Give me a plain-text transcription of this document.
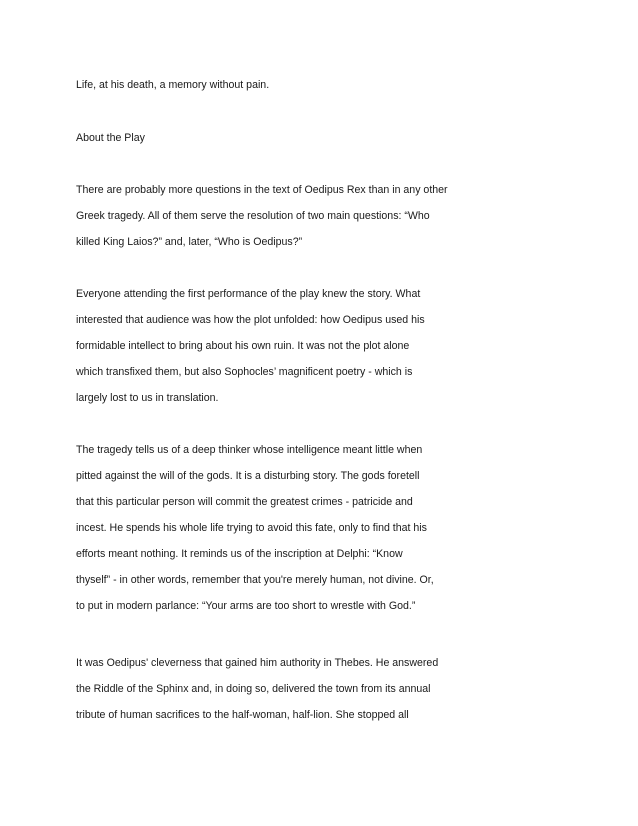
Life, at his death, a memory without pain.

About the Play

There are probably more questions in the text of Oedipus Rex than in any other

Greek tragedy. All of them serve the resolution of two main questions: “Who

killed King Laios?” and, later, “Who is Oedipus?”

Everyone attending the first performance of the play knew the story. What

interested that audience was how the plot unfolded: how Oedipus used his

formidable intellect to bring about his own ruin. It was not the plot alone

which transfixed them, but also Sophocles’ magnificent poetry - which is

largely lost to us in translation.

The tragedy tells us of a deep thinker whose intelligence meant little when

pitted against the will of the gods. It is a disturbing story. The gods foretell

that this particular person will commit the greatest crimes - patricide and

incest. He spends his whole life trying to avoid this fate, only to find that his

efforts meant nothing. It reminds us of the inscription at Delphi: “Know

thyself” - in other words, remember that you're merely human, not divine. Or,

to put in modern parlance: “Your arms are too short to wrestle with God.”

It was Oedipus' cleverness that gained him authority in Thebes. He answered

the Riddle of the Sphinx and, in doing so, delivered the town from its annual

tribute of human sacrifices to the half-woman, half-lion. She stopped all
